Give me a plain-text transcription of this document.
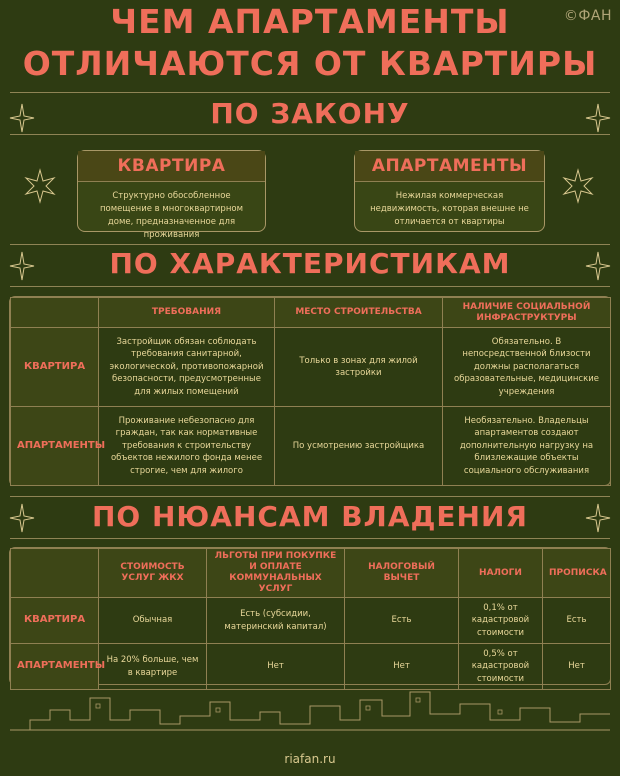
©ФАН
ЧЕМ АПАРТАМЕНТЫ
ОТЛИЧАЮТСЯ ОТ КВАРТИРЫ
ПО ЗАКОНУ
КВАРТИРА
Структурно обособленное помещение в многоквартирном доме, предназначенное для проживания
АПАРТАМЕНТЫ
Нежилая коммерческая недвижимость, которая внешне не отличается от квартиры
ПО ХАРАКТЕРИСТИКАМ
	ТРЕБОВАНИЯ	МЕСТО СТРОИТЕЛЬСТВА	НАЛИЧИЕ СОЦИАЛЬНОЙ ИНФРАСТРУКТУРЫ
КВАРТИРА	Застройщик обязан соблюдать требования санитарной, экологической, противопожарной безопасности, предусмотренные для жилых помещений	Только в зонах для жилой застройки	Обязательно. В непосредственной близости должны располагаться образовательные, медицинские учреждения
АПАРТАМЕНТЫ	Проживание небезопасно для граждан, так как нормативные требования к строительству объектов нежилого фонда менее строгие, чем для жилого	По усмотрению застройщика	Необязательно. Владельцы апартаментов создают дополнительную нагрузку на близлежащие объекты социального обслуживания
ПО НЮАНСАМ ВЛАДЕНИЯ
	СТОИМОСТЬ УСЛУГ ЖКХ	ЛЬГОТЫ ПРИ ПОКУПКЕ И ОПЛАТЕ КОММУНАЛЬНЫХ УСЛУГ	НАЛОГОВЫЙ ВЫЧЕТ	НАЛОГИ	ПРОПИСКА
КВАРТИРА	Обычная	Есть (субсидии, материнский капитал)	Есть	0,1% от кадастровой стоимости	Есть
АПАРТАМЕНТЫ	На 20% больше, чем в квартире	Нет	Нет	0,5% от кадастровой стоимости	Нет
riafan.ru
